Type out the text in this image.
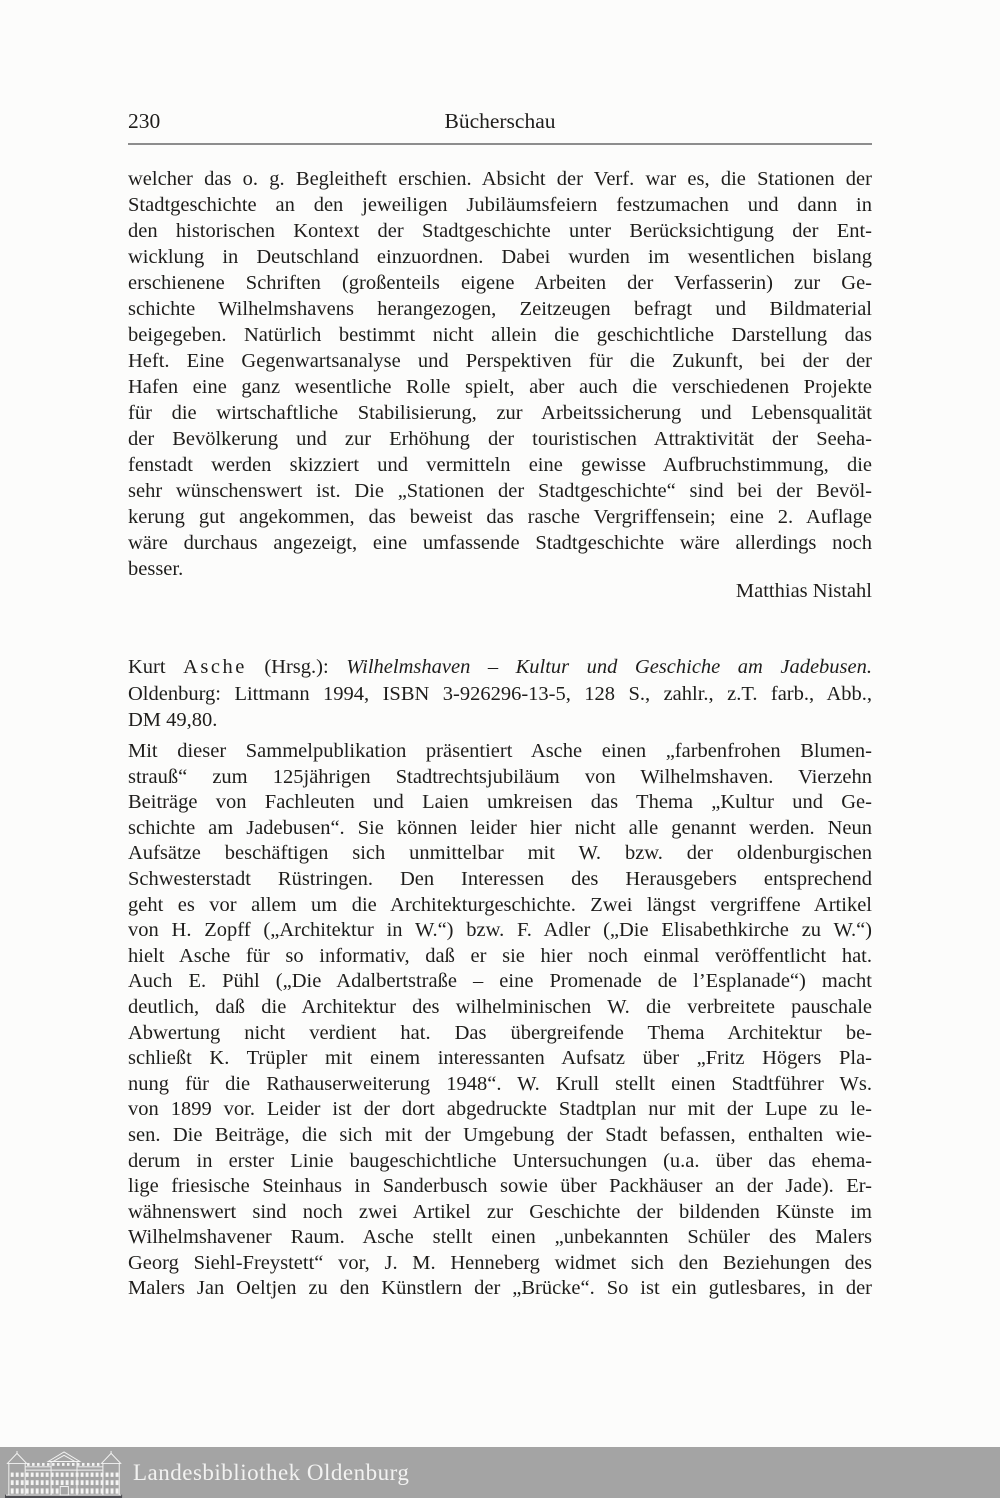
230	Bücherschau
welcher das o. g. Begleitheft erschien. Absicht der Verf. war es, die Stationen der
Stadtgeschichte an den jeweiligen Jubiläumsfeiern festzumachen und dann in
den historischen Kontext der Stadtgeschichte unter Berücksichtigung der Ent-
wicklung in Deutschland einzuordnen. Dabei wurden im wesentlichen bislang
erschienene Schriften (großenteils eigene Arbeiten der Verfasserin) zur Ge-
schichte Wilhelmshavens herangezogen, Zeitzeugen befragt und Bildmaterial
beigegeben. Natürlich bestimmt nicht allein die geschichtliche Darstellung das
Heft. Eine Gegenwartsanalyse und Perspektiven für die Zukunft, bei der der
Hafen eine ganz wesentliche Rolle spielt, aber auch die verschiedenen Projekte
für die wirtschaftliche Stabilisierung, zur Arbeitssicherung und Lebensqualität
der Bevölkerung und zur Erhöhung der touristischen Attraktivität der Seeha-
fenstadt werden skizziert und vermitteln eine gewisse Aufbruchstimmung, die
sehr wünschenswert ist. Die „Stationen der Stadtgeschichte“ sind bei der Bevöl-
kerung gut angekommen, das beweist das rasche Vergriffensein; eine 2. Auflage
wäre durchaus angezeigt, eine umfassende Stadtgeschichte wäre allerdings noch
besser.
Matthias Nistahl
Kurt Asche (Hrsg.): Wilhelmshaven – Kultur und Geschiche am Jadebusen.
Oldenburg: Littmann 1994, ISBN 3-926296-13-5, 128 S., zahlr., z.T. farb., Abb.,
DM 49,80.
Mit dieser Sammelpublikation präsentiert Asche einen „farbenfrohen Blumen-
strauß“ zum 125jährigen Stadtrechtsjubiläum von Wilhelmshaven. Vierzehn
Beiträge von Fachleuten und Laien umkreisen das Thema „Kultur und Ge-
schichte am Jadebusen“. Sie können leider hier nicht alle genannt werden. Neun
Aufsätze beschäftigen sich unmittelbar mit W. bzw. der oldenburgischen
Schwesterstadt Rüstringen. Den Interessen des Herausgebers entsprechend
geht es vor allem um die Architekturgeschichte. Zwei längst vergriffene Artikel
von H. Zopff („Architektur in W.“) bzw. F. Adler („Die Elisabethkirche zu W.“)
hielt Asche für so informativ, daß er sie hier noch einmal veröffentlicht hat.
Auch E. Pühl („Die Adalbertstraße – eine Promenade de l’Esplanade“) macht
deutlich, daß die Architektur des wilhelminischen W. die verbreitete pauschale
Abwertung nicht verdient hat. Das übergreifende Thema Architektur be-
schließt K. Trüpler mit einem interessanten Aufsatz über „Fritz Högers Pla-
nung für die Rathauserweiterung 1948“. W. Krull stellt einen Stadtführer Ws.
von 1899 vor. Leider ist der dort abgedruckte Stadtplan nur mit der Lupe zu le-
sen. Die Beiträge, die sich mit der Umgebung der Stadt befassen, enthalten wie-
derum in erster Linie baugeschichtliche Untersuchungen (u.a. über das ehema-
lige friesische Steinhaus in Sanderbusch sowie über Packhäuser an der Jade). Er-
wähnenswert sind noch zwei Artikel zur Geschichte der bildenden Künste im
Wilhelmshavener Raum. Asche stellt einen „unbekannten Schüler des Malers
Georg Siehl-Freystett“ vor, J. M. Henneberg widmet sich den Beziehungen des
Malers Jan Oeltjen zu den Künstlern der „Brücke“. So ist ein gutlesbares, in der
Landesbibliothek Oldenburg
